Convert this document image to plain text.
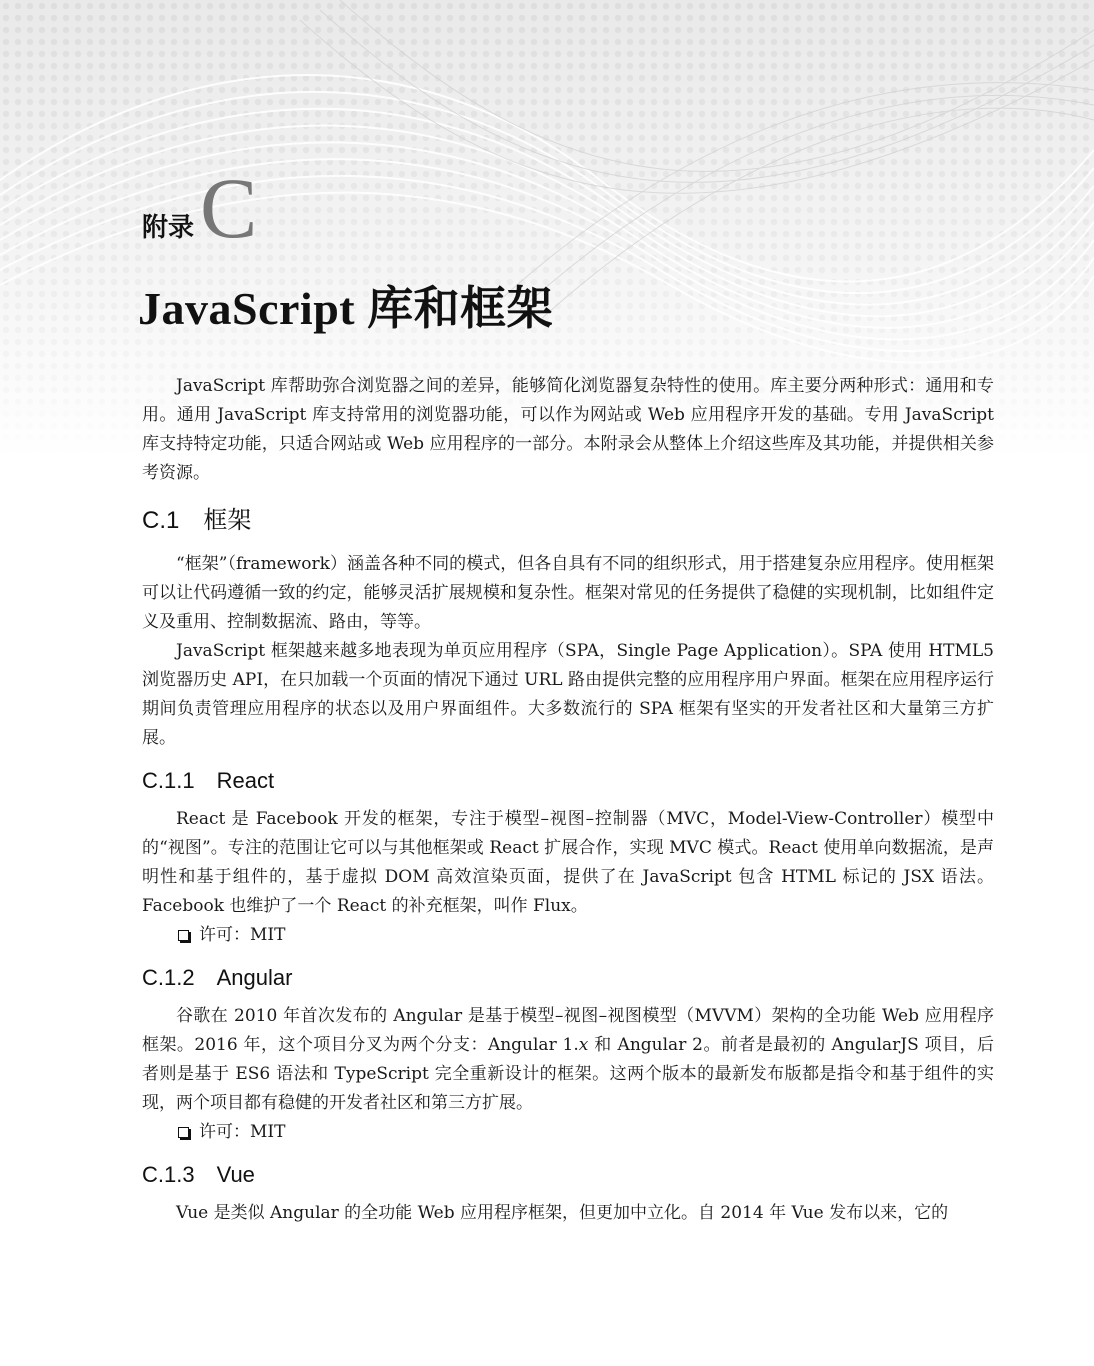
附录 C
JavaScript 库和框架

JavaScript 库帮助弥合浏览器之间的差异，能够简化浏览器复杂特性的使用。库主要分两种形式：通用和专用。通用 JavaScript 库支持常用的浏览器功能，可以作为网站或 Web 应用程序开发的基础。专用 JavaScript 库支持特定功能，只适合网站或 Web 应用程序的一部分。本附录会从整体上介绍这些库及其功能，并提供相关参考资源。

C.1 框架

“框架”（framework）涵盖各种不同的模式，但各自具有不同的组织形式，用于搭建复杂应用程序。使用框架可以让代码遵循一致的约定，能够灵活扩展规模和复杂性。框架对常见的任务提供了稳健的实现机制，比如组件定义及重用、控制数据流、路由，等等。

JavaScript 框架越来越多地表现为单页应用程序（SPA，Single Page Application）。SPA 使用 HTML5 浏览器历史 API，在只加载一个页面的情况下通过 URL 路由提供完整的应用程序用户界面。框架在应用程序运行期间负责管理应用程序的状态以及用户界面组件。大多数流行的 SPA 框架有坚实的开发者社区和大量第三方扩展。

C.1.1 React

React 是 Facebook 开发的框架，专注于模型–视图–控制器（MVC，Model-View-Controller）模型中的“视图”。专注的范围让它可以与其他框架或 React 扩展合作，实现 MVC 模式。React 使用单向数据流，是声明性和基于组件的，基于虚拟 DOM 高效渲染页面，提供了在 JavaScript 包含 HTML 标记的 JSX 语法。Facebook 也维护了一个 React 的补充框架，叫作 Flux。

许可：MIT
C.1.2 Angular

谷歌在 2010 年首次发布的 Angular 是基于模型–视图–视图模型（MVVM）架构的全功能 Web 应用程序框架。2016 年，这个项目分叉为两个分支：Angular 1.x 和 Angular 2。前者是最初的 AngularJS 项目，后者则是基于 ES6 语法和 TypeScript 完全重新设计的框架。这两个版本的最新发布版都是指令和基于组件的实现，两个项目都有稳健的开发者社区和第三方扩展。

许可：MIT
C.1.3 Vue

Vue 是类似 Angular 的全功能 Web 应用程序框架，但更加中立化。自 2014 年 Vue 发布以来，它的
